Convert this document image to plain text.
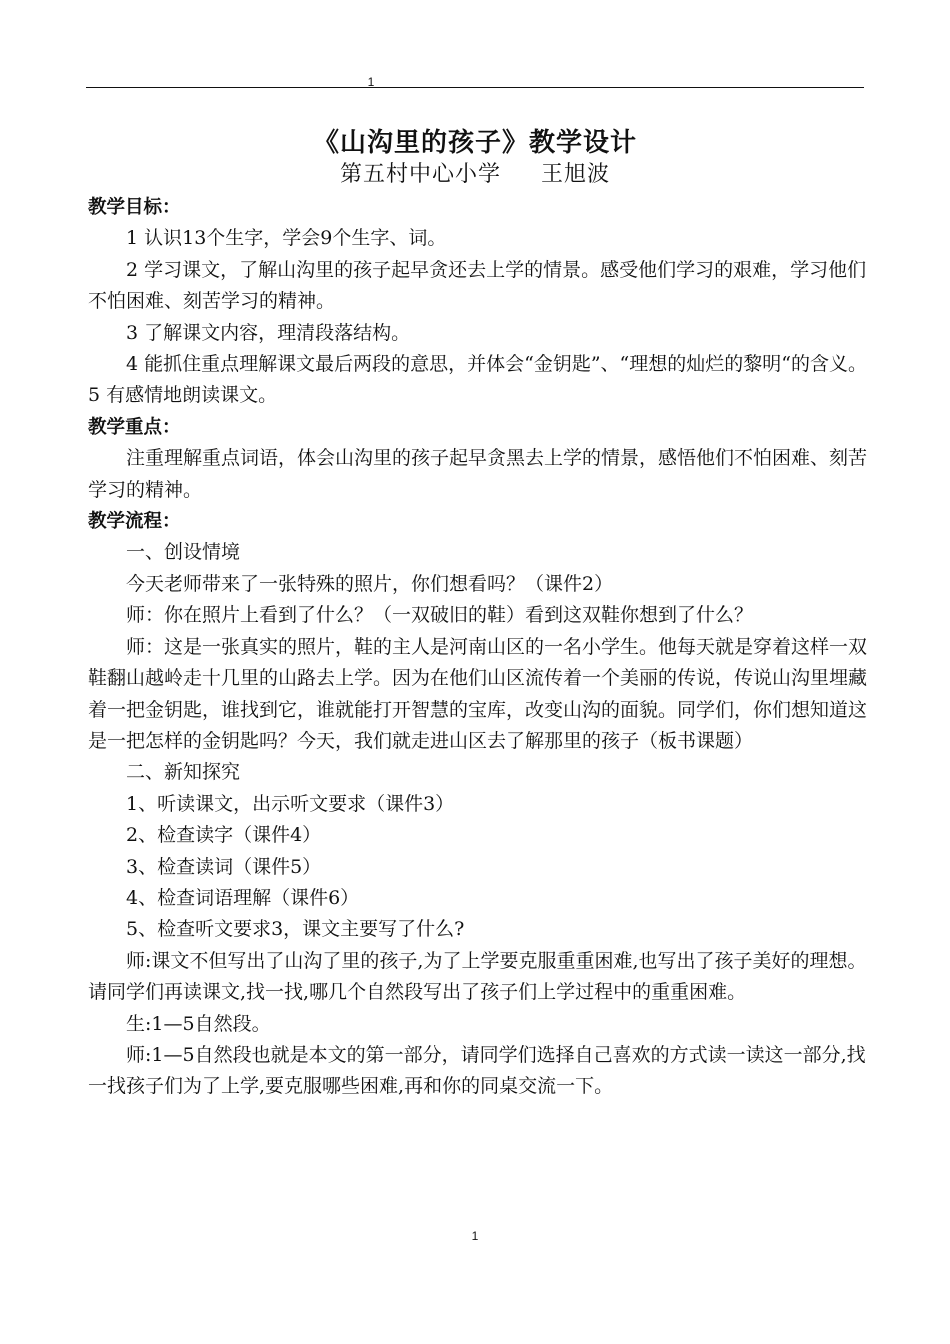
1
《山沟里的孩子》教学设计
第五村中心小学 王旭波

教学目标：

1 认识13个生字，学会9个生字、词。

2 学习课文，了解山沟里的孩子起早贪还去上学的情景。感受他们学习的艰难，学习他们不怕困难、刻苦学习的精神。

3 了解课文内容，理清段落结构。

4 能抓住重点理解课文最后两段的意思，并体会“金钥匙”、“理想的灿烂的黎明“的含义。

5 有感情地朗读课文。

教学重点：

注重理解重点词语，体会山沟里的孩子起早贪黑去上学的情景，感悟他们不怕困难、刻苦学习的精神。

教学流程：

一、创设情境

今天老师带来了一张特殊的照片，你们想看吗？（课件2）

师：你在照片上看到了什么？（一双破旧的鞋）看到这双鞋你想到了什么？

师：这是一张真实的照片，鞋的主人是河南山区的一名小学生。他每天就是穿着这样一双鞋翻山越岭走十几里的山路去上学。因为在他们山区流传着一个美丽的传说，传说山沟里埋藏着一把金钥匙，谁找到它，谁就能打开智慧的宝库，改变山沟的面貌。同学们，你们想知道这是一把怎样的金钥匙吗？今天，我们就走进山区去了解那里的孩子（板书课题）

二、新知探究

1、听读课文，出示听文要求（课件3）

2、检查读字（课件4）

3、检查读词（课件5）

4、检查词语理解（课件6）

5、检查听文要求3，课文主要写了什么?

师:课文不但写出了山沟了里的孩子,为了上学要克服重重困难,也写出了孩子美好的理想。请同学们再读课文,找一找,哪几个自然段写出了孩子们上学过程中的重重困难。

生:1—5自然段。

师:1—5自然段也就是本文的第一部分，请同学们选择自己喜欢的方式读一读这一部分,找一找孩子们为了上学,要克服哪些困难,再和你的同桌交流一下。

1
